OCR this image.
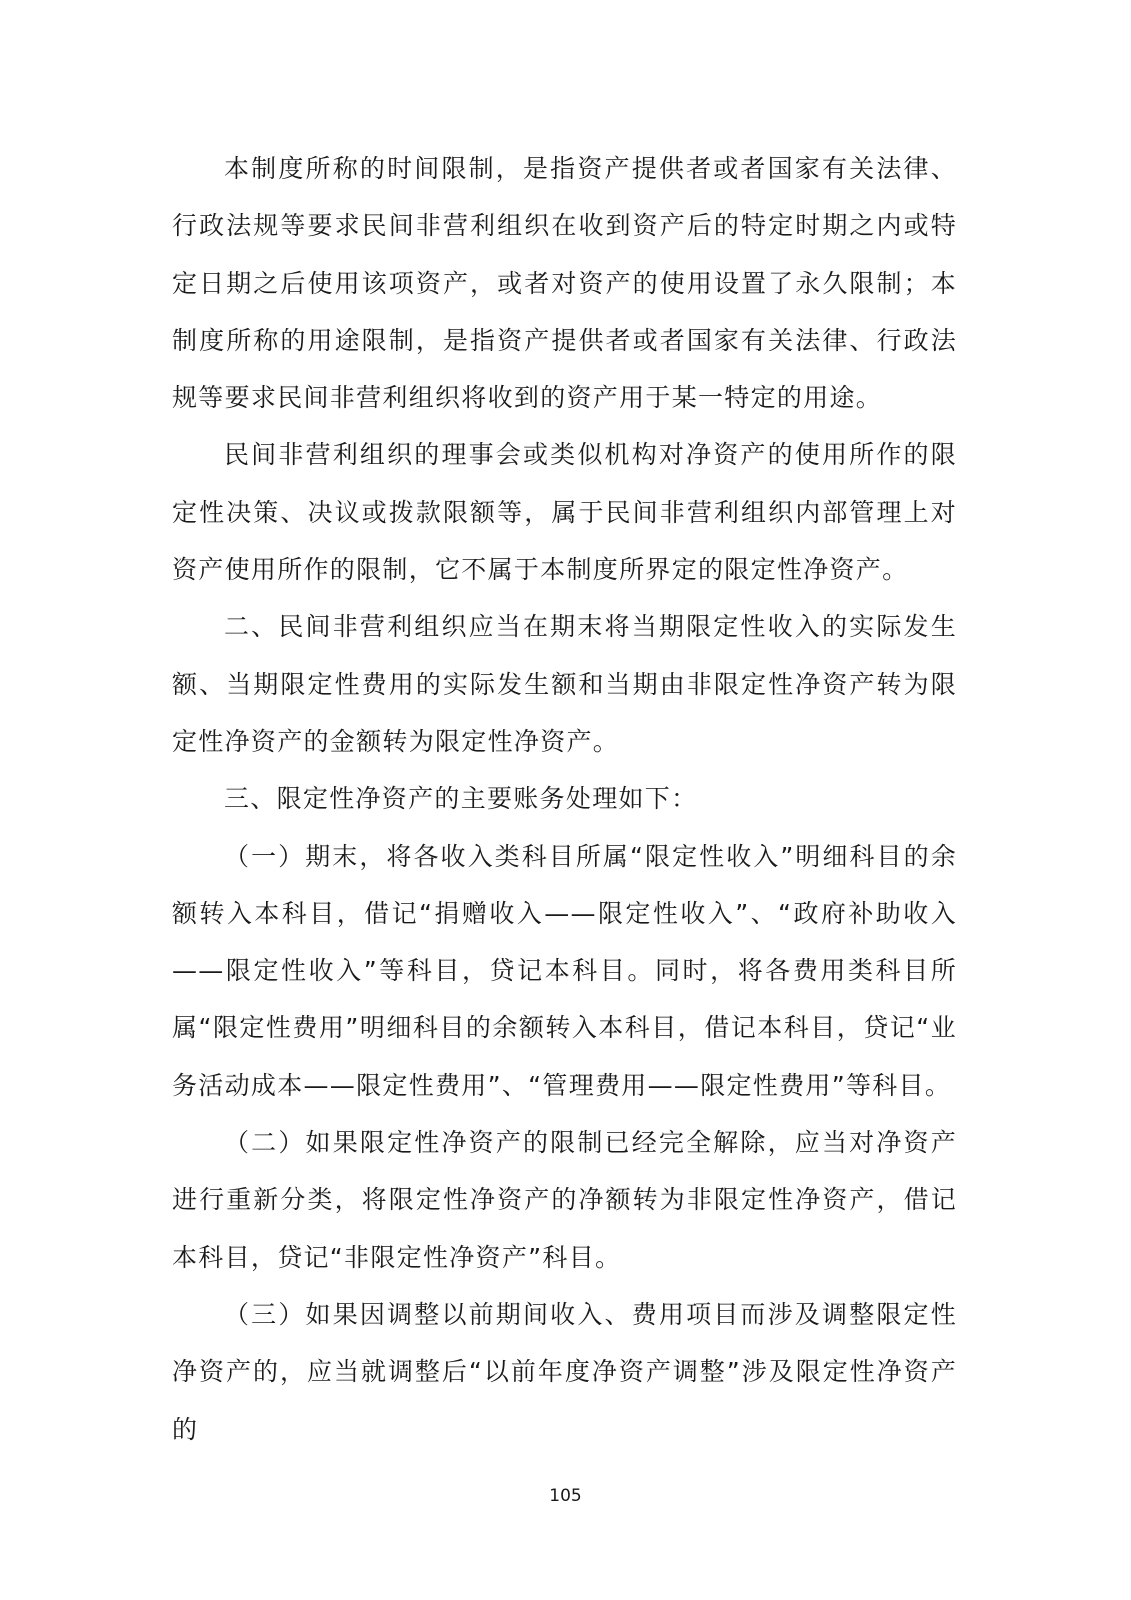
本制度所称的时间限制，是指资产提供者或者国家有关法律、行政法规等要求民间非营利组织在收到资产后的特定时期之内或特定日期之后使用该项资产，或者对资产的使用设置了永久限制；本制度所称的用途限制，是指资产提供者或者国家有关法律、行政法规等要求民间非营利组织将收到的资产用于某一特定的用途。

民间非营利组织的理事会或类似机构对净资产的使用所作的限定性决策、决议或拨款限额等，属于民间非营利组织内部管理上对资产使用所作的限制，它不属于本制度所界定的限定性净资产。

二、民间非营利组织应当在期末将当期限定性收入的实际发生额、当期限定性费用的实际发生额和当期由非限定性净资产转为限定性净资产的金额转为限定性净资产。

三、限定性净资产的主要账务处理如下：

（一）期末，将各收入类科目所属“限定性收入”明细科目的余额转入本科目，借记“捐赠收入——限定性收入”、“政府补助收入——限定性收入”等科目，贷记本科目。同时，将各费用类科目所属“限定性费用”明细科目的余额转入本科目，借记本科目，贷记“业务活动成本——限定性费用”、“管理费用——限定性费用”等科目。

（二）如果限定性净资产的限制已经完全解除，应当对净资产进行重新分类，将限定性净资产的净额转为非限定性净资产，借记本科目，贷记“非限定性净资产”科目。

（三）如果因调整以前期间收入、费用项目而涉及调整限定性净资产的，应当就调整后“以前年度净资产调整”涉及限定性净资产的

105
